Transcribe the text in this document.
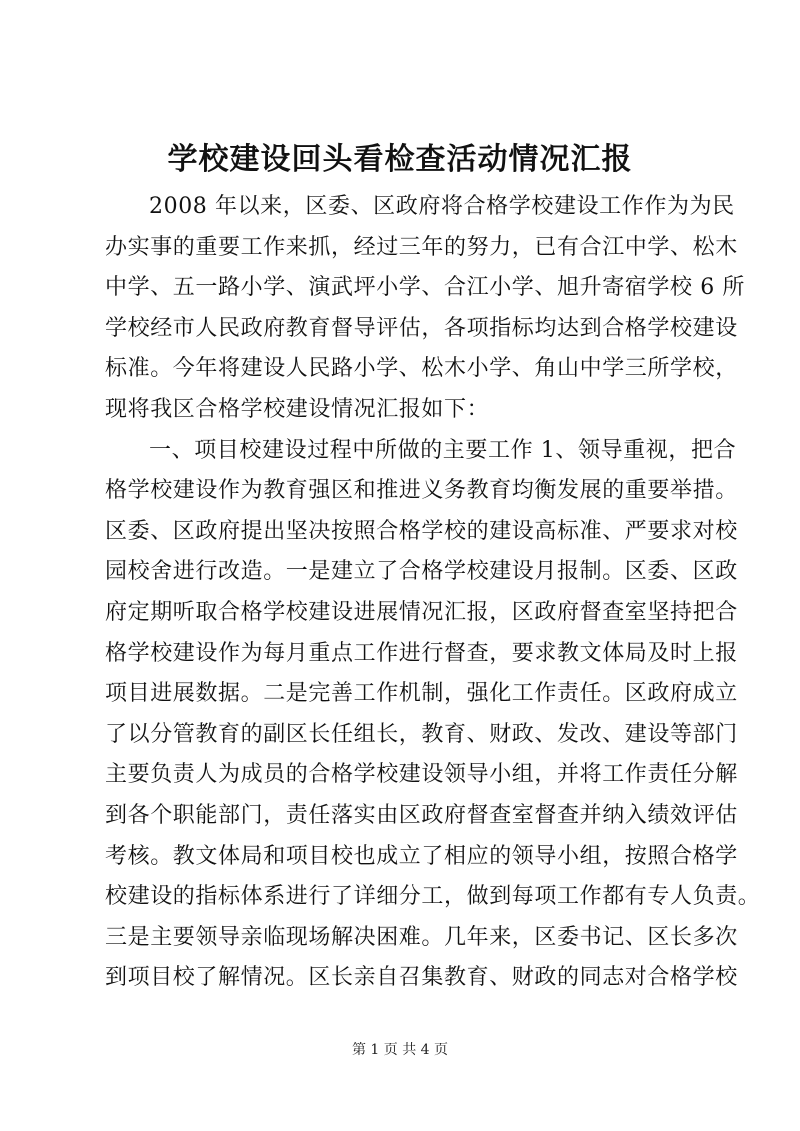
学校建设回头看检查活动情况汇报
2008 年以来，区委、区政府将合格学校建设工作作为为民
办实事的重要工作来抓，经过三年的努力，已有合江中学、松木
中学、五一路小学、演武坪小学、合江小学、旭升寄宿学校 6 所
学校经市人民政府教育督导评估，各项指标均达到合格学校建设
标准。今年将建设人民路小学、松木小学、角山中学三所学校，
现将我区合格学校建设情况汇报如下：
一、项目校建设过程中所做的主要工作 1、领导重视，把合
格学校建设作为教育强区和推进义务教育均衡发展的重要举措。
区委、区政府提出坚决按照合格学校的建设高标准、严要求对校
园校舍进行改造。一是建立了合格学校建设月报制。区委、区政
府定期听取合格学校建设进展情况汇报，区政府督查室坚持把合
格学校建设作为每月重点工作进行督查，要求教文体局及时上报
项目进展数据。二是完善工作机制，强化工作责任。区政府成立
了以分管教育的副区长任组长，教育、财政、发改、建设等部门
主要负责人为成员的合格学校建设领导小组，并将工作责任分解
到各个职能部门，责任落实由区政府督查室督查并纳入绩效评估
考核。教文体局和项目校也成立了相应的领导小组，按照合格学
校建设的指标体系进行了详细分工，做到每项工作都有专人负责。
三是主要领导亲临现场解决困难。几年来，区委书记、区长多次
到项目校了解情况。区长亲自召集教育、财政的同志对合格学校
第 1 页 共 4 页
